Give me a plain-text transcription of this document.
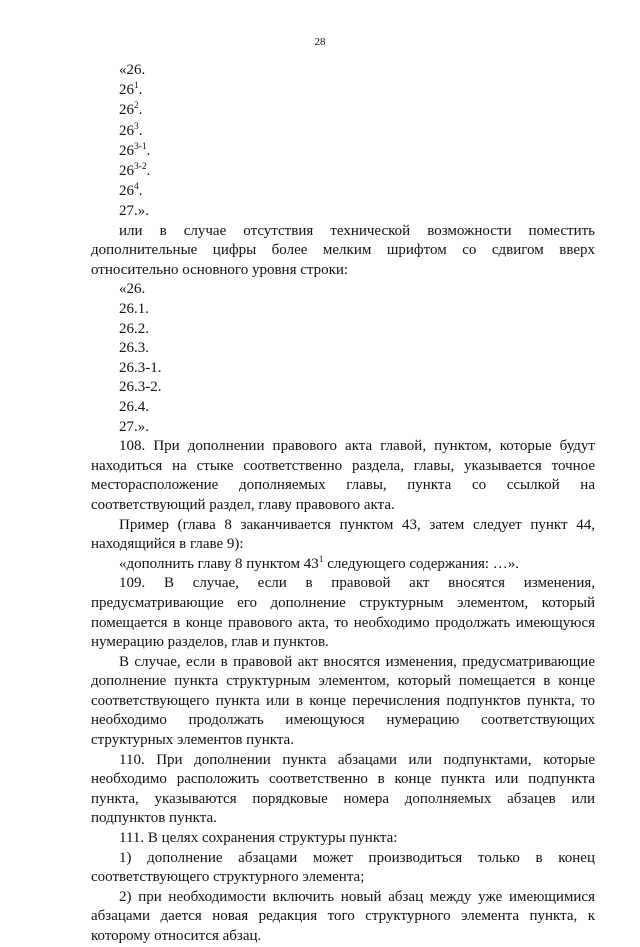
28

«26.

$26^1$.

$26^2$.

$26^3$.

26$^{3-1}$.

26$^{3-2}$.

$26^4$.

27.».

или в случае отсутствия технической возможности поместить дополнительные цифры более мелким шрифтом со сдвигом вверх относительно основного уровня строки:

«26.

26.1.

26.2.

26.3.

26.3-1.

26.3-2.

26.4.

27.».

108. При дополнении правового акта главой, пунктом, которые будут находиться на стыке соответственно раздела, главы, указывается точное месторасположение дополняемых главы, пункта со ссылкой на соответствующий раздел, главу правового акта.

Пример (глава 8 заканчивается пунктом 43, затем следует пункт 44, находящийся в главе 9):

«дополнить главу 8 пунктом $43^1$ следующего содержания: …».

109. В случае, если в правовой акт вносятся изменения, предусматривающие его дополнение структурным элементом, который помещается в конце правового акта, то необходимо продолжать имеющуюся нумерацию разделов, глав и пунктов.

В случае, если в правовой акт вносятся изменения, предусматривающие дополнение пункта структурным элементом, который помещается в конце соответствующего пункта или в конце перечисления подпунктов пункта, то необходимо продолжать имеющуюся нумерацию соответствующих структурных элементов пункта.

110. При дополнении пункта абзацами или подпунктами, которые необходимо расположить соответственно в конце пункта или подпункта пункта, указываются порядковые номера дополняемых абзацев или подпунктов пункта.

111. В целях сохранения структуры пункта:

1) дополнение абзацами может производиться только в конец соответствующего структурного элемента;

2) при необходимости включить новый абзац между уже имеющимися абзацами дается новая редакция того структурного элемента пункта, к которому относится абзац.
